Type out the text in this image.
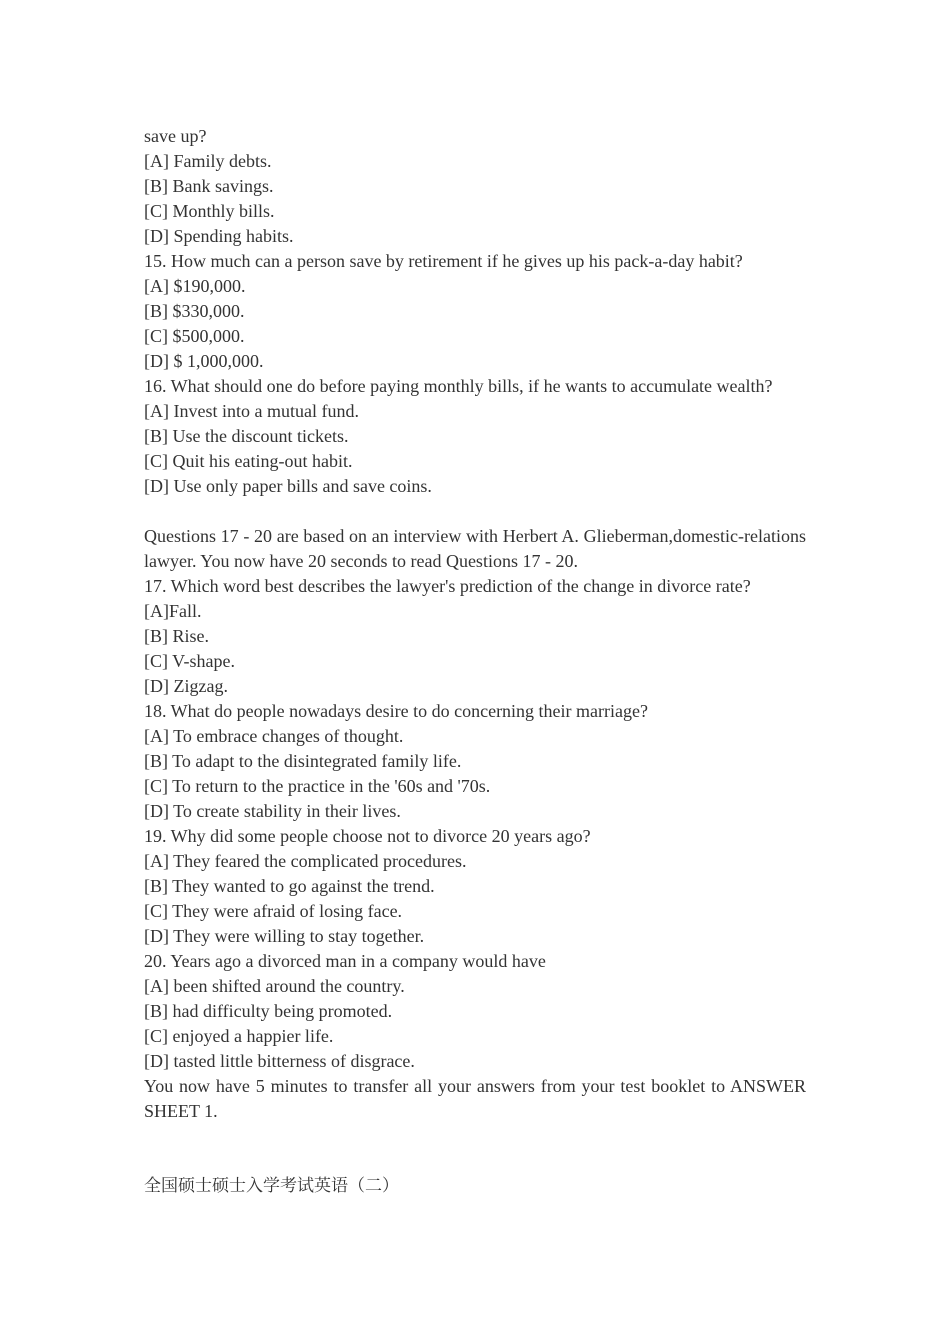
save up?
[A] Family debts.
[B] Bank savings.
[C] Monthly bills.
[D] Spending habits.
15. How much can a person save by retirement if he gives up his pack-a-day habit?
[A] $190,000.
[B] $330,000.
[C] $500,000.
[D] $ 1,000,000.
16. What should one do before paying monthly bills, if he wants to accumulate wealth?
[A] Invest into a mutual fund.
[B] Use the discount tickets.
[C] Quit his eating-out habit.
[D] Use only paper bills and save coins.
Questions 17 - 20 are based on an interview with Herbert A. Glieberman,domestic-relations lawyer. You now have 20 seconds to read Questions 17 - 20.
17. Which word best describes the lawyer's prediction of the change in divorce rate?
[A]Fall.
[B] Rise.
[C] V-shape.
[D] Zigzag.
18. What do people nowadays desire to do concerning their marriage?
[A] To embrace changes of thought.
[B] To adapt to the disintegrated family life.
[C] To return to the practice in the '60s and '70s.
[D] To create stability in their lives.
19. Why did some people choose not to divorce 20 years ago?
[A] They feared the complicated procedures.
[B] They wanted to go against the trend.
[C] They were afraid of losing face.
[D] They were willing to stay together.
20. Years ago a divorced man in a company would have
[A] been shifted around the country.
[B] had difficulty being promoted.
[C] enjoyed a happier life.
[D] tasted little bitterness of disgrace.
You now have 5 minutes to transfer all your answers from your test booklet to ANSWER SHEET 1.
全国硕士硕士入学考试英语（二）
